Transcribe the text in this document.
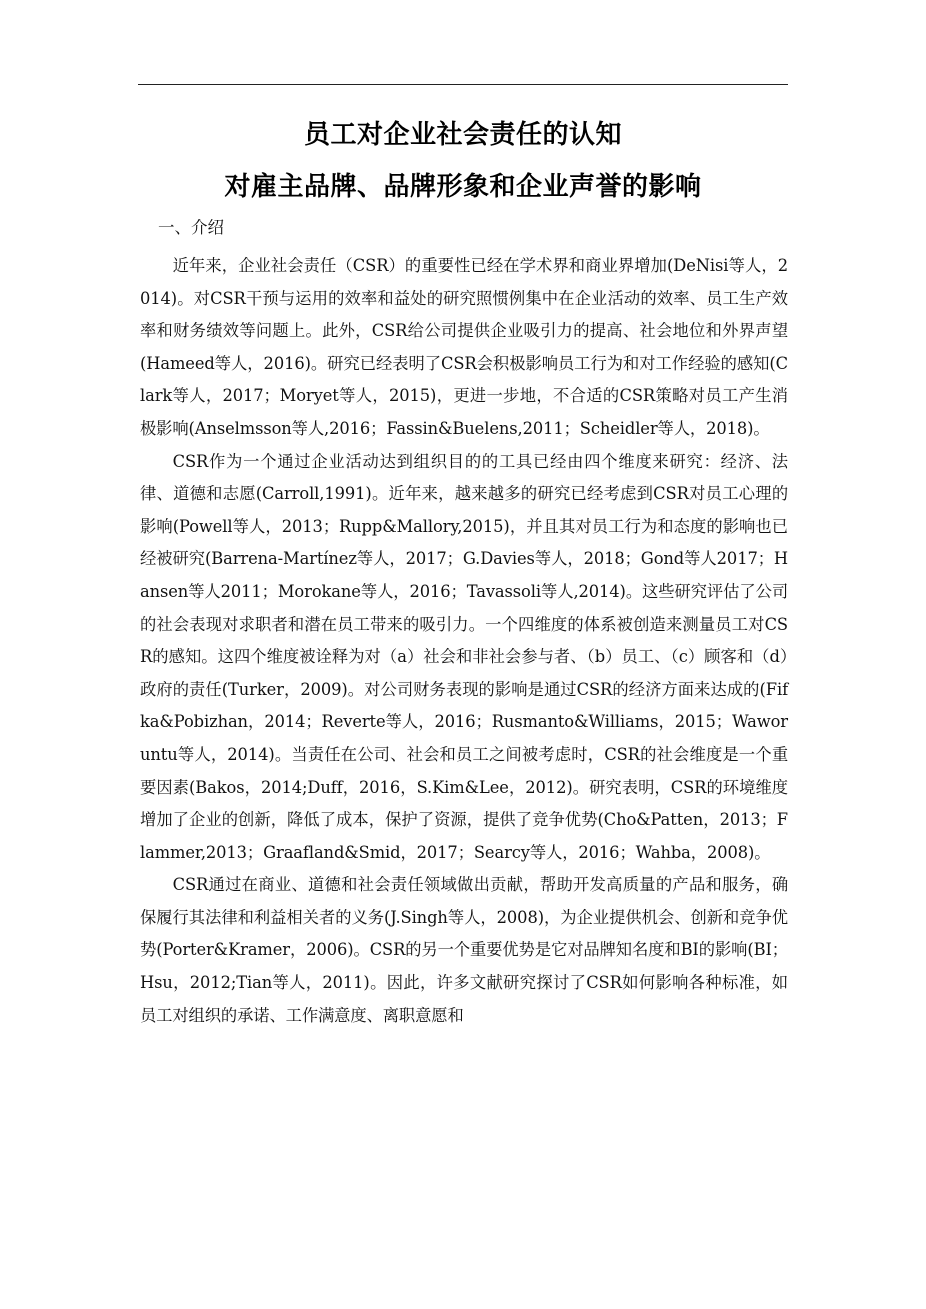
员工对企业社会责任的认知
对雇主品牌、品牌形象和企业声誉的影响
一、介绍

近年来，企业社会责任（CSR）的重要性已经在学术界和商业界增加(DeNisi等人，2014)。对CSR干预与运用的效率和益处的研究照惯例集中在企业活动的效率、员工生产效率和财务绩效等问题上。此外，CSR给公司提供企业吸引力的提高、社会地位和外界声望(Hameed等人，2016)。研究已经表明了CSR会积极影响员工行为和对工作经验的感知(Clark等人，2017；Moryet等人，2015)，更进一步地，不合适的CSR策略对员工产生消极影响(Anselmsson等人,2016；Fassin&Buelens,2011；Scheidler等人，2018)。

CSR作为一个通过企业活动达到组织目的的工具已经由四个维度来研究：经济、法律、道德和志愿(Carroll,1991)。近年来，越来越多的研究已经考虑到CSR对员工心理的影响(Powell等人，2013；Rupp&Mallory,2015)，并且其对员工行为和态度的影响也已经被研究(Barrena-Martínez等人，2017；G.Davies等人，2018；Gond等人2017；Hansen等人2011；Morokane等人，2016；Tavassoli等人,2014)。这些研究评估了公司的社会表现对求职者和潜在员工带来的吸引力。一个四维度的体系被创造来测量员工对CSR的感知。这四个维度被诠释为对（a）社会和非社会参与者、（b）员工、（c）顾客和（d）政府的责任(Turker，2009)。对公司财务表现的影响是通过CSR的经济方面来达成的(Fifka&Pobizhan，2014；Reverte等人，2016；Rusmanto&Williams，2015；Waworuntu等人，2014)。当责任在公司、社会和员工之间被考虑时，CSR的社会维度是一个重要因素(Bakos，2014;Duff，2016，S.Kim&Lee，2012)。研究表明，CSR的环境维度增加了企业的创新，降低了成本，保护了资源，提供了竞争优势(Cho&Patten，2013；Flammer,2013；Graafland&Smid，2017；Searcy等人，2016；Wahba，2008)。

CSR通过在商业、道德和社会责任领域做出贡献，帮助开发高质量的产品和服务，确保履行其法律和利益相关者的义务(J.Singh等人，2008)，为企业提供机会、创新和竞争优势(Porter&Kramer，2006)。CSR的另一个重要优势是它对品牌知名度和BI的影响(BI；Hsu，2012;Tian等人，2011)。因此，许多文献研究探讨了CSR如何影响各种标准，如员工对组织的承诺、工作满意度、离职意愿和
